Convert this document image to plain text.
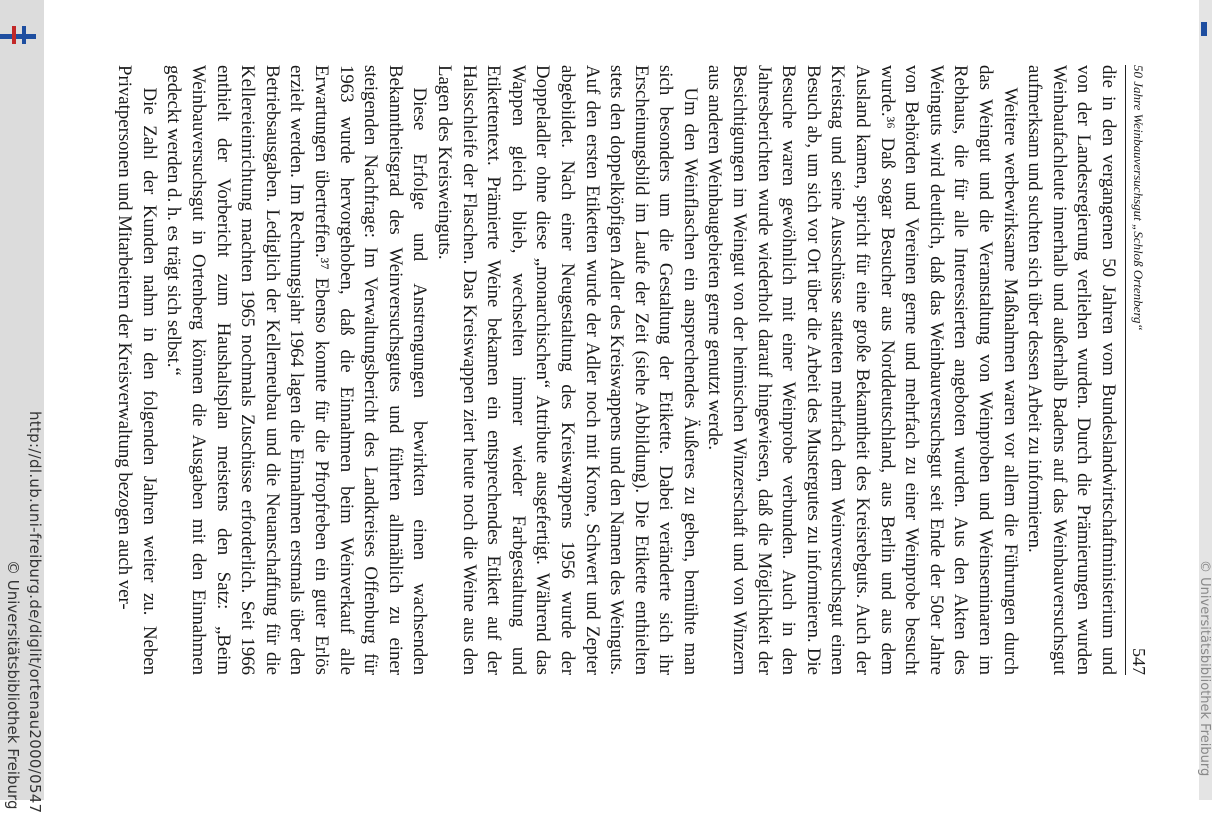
http://dl.ub.uni-freiburg.de/diglit/ortenau2000/0547
© Universitätsbibliothek Freiburg	© Universitätsbibliothek Freiburg
50 Jahre Weinbauversuchsgut „Schloß Ortenberg“
547

die in den vergangenen 50 Jahren vom Bundeslandwirtschaftministerium und von der Landesregierung verliehen wurden. Durch die Prämierungen wurden Weinbaufachleute innerhalb und außerhalb Badens auf das Weinbauversuchsgut aufmerksam und suchten sich über dessen Arbeit zu informieren.

Weitere werbewirksame Maßnahmen waren vor allem die Führungen durch das Weingut und die Veranstaltung von Weinproben und Weinseminaren im Rebhaus, die für alle Interessierten angeboten wurden. Aus den Akten des Weinguts wird deutlich, daß das Weinbauversuchsgut seit Ende der 50er Jahre von Behörden und Vereinen gerne und mehrfach zu einer Weinprobe besucht wurde.³⁶ Daß sogar Besucher aus Norddeutschland, aus Berlin und aus dem Ausland kamen, spricht für eine große Bekanntheit des Kreisrebguts. Auch der Kreistag und seine Ausschüsse statteten mehrfach dem Weinversuchsgut einen Besuch ab, um sich vor Ort über die Arbeit des Mustergutes zu informieren. Die Besuche waren gewöhnlich mit einer Weinprobe verbunden. Auch in den Jahresberichten wurde wiederholt darauf hingewiesen, daß die Möglichkeit der Besichtigungen im Weingut von der heimischen Winzerschaft und von Winzern aus anderen Weinbaugebieten gerne genutzt werde.

Um den Weinflaschen ein ansprechendes Äußeres zu geben, bemühte man sich besonders um die Gestaltung der Etikette. Dabei veränderte sich ihr Erscheinungsbild im Laufe der Zeit (siehe Abbildung). Die Etikette enthielten stets den doppelköpfigen Adler des Kreiswappens und den Namen des Weinguts. Auf den ersten Etiketten wurde der Adler noch mit Krone, Schwert und Zepter abgebildet. Nach einer Neugestaltung des Kreiswappens 1956 wurde der Doppeladler ohne diese „monarchischen“ Attribute ausgefertigt. Während das Wappen gleich blieb, wechselten immer wieder Farbgestaltung und Etikettentext. Prämierte Weine bekamen ein entsprechendes Etikett auf der Halsschleife der Flaschen. Das Kreiswappen ziert heute noch die Weine aus den Lagen des Kreisweinguts.

Diese Erfolge und Anstrengungen bewirkten einen wachsenden Bekanntheitsgrad des Weinversuchsgutes und führten allmählich zu einer steigenden Nachfrage: Im Verwaltungsbericht des Landkreises Offenburg für 1963 wurde hervorgehoben, daß die Einnahmen beim Weinverkauf alle Erwartungen übertreffen.³⁷ Ebenso konnte für die Pfropfreben ein guter Erlös erzielt werden. Im Rechnungsjahr 1964 lagen die Einnahmen erstmals über den Betriebsausgaben. Lediglich der Kellerneubau und die Neuanschaffung für die Kellereieinrichtung machten 1965 nochmals Zuschüsse erforderlich. Seit 1966 enthielt der Vorbericht zum Haushaltsplan meistens den Satz: „Beim Weinbauversuchsgut in Ortenberg können die Ausgaben mit den Einnahmen gedeckt werden d. h. es trägt sich selbst.“

Die Zahl der Kunden nahm in den folgenden Jahren weiter zu. Neben Privatpersonen und Mitarbeitern der Kreisverwaltung bezogen auch ver-
